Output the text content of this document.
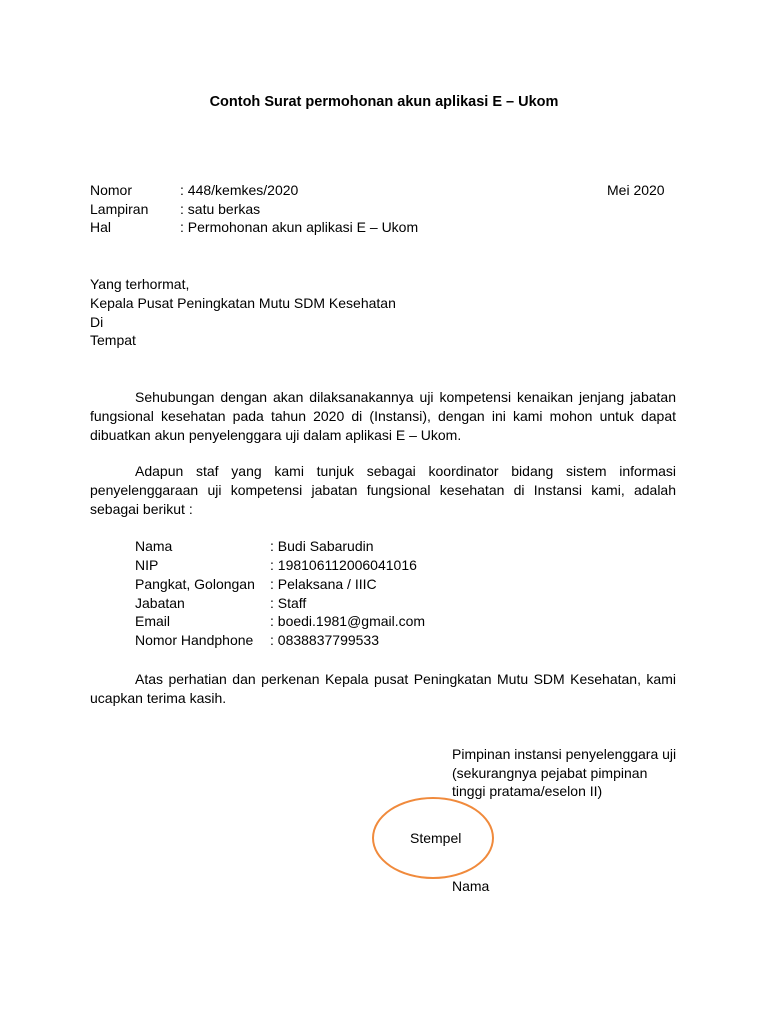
Contoh Surat permohonan akun aplikasi E – Ukom
Nomor	: 448/kemkes/2020	Mei 2020
Lampiran : satu berkas
Hal	: Permohonan akun aplikasi E – Ukom
Yang terhormat,
Kepala Pusat Peningkatan Mutu SDM Kesehatan
Di
Tempat
Sehubungan dengan akan dilaksanakannya uji kompetensi kenaikan jenjang jabatan fungsional kesehatan pada tahun 2020 di (Instansi), dengan ini kami mohon untuk dapat dibuatkan akun penyelenggara uji dalam aplikasi E – Ukom.
Adapun staf yang kami tunjuk sebagai koordinator bidang sistem informasi penyelenggaraan uji kompetensi jabatan fungsional kesehatan di Instansi kami, adalah sebagai berikut :
Nama	: Budi Sabarudin
NIP	: 198106112006041016
Pangkat, Golongan : Pelaksana / IIIC
Jabatan	: Staff
Email	: boedi.1981@gmail.com
Nomor Handphone : 0838837799533
Atas perhatian dan perkenan Kepala pusat Peningkatan Mutu SDM Kesehatan, kami ucapkan terima kasih.
Pimpinan instansi penyelenggara uji
(sekurangnya pejabat pimpinan
tinggi pratama/eselon II)
Stempel
Nama
